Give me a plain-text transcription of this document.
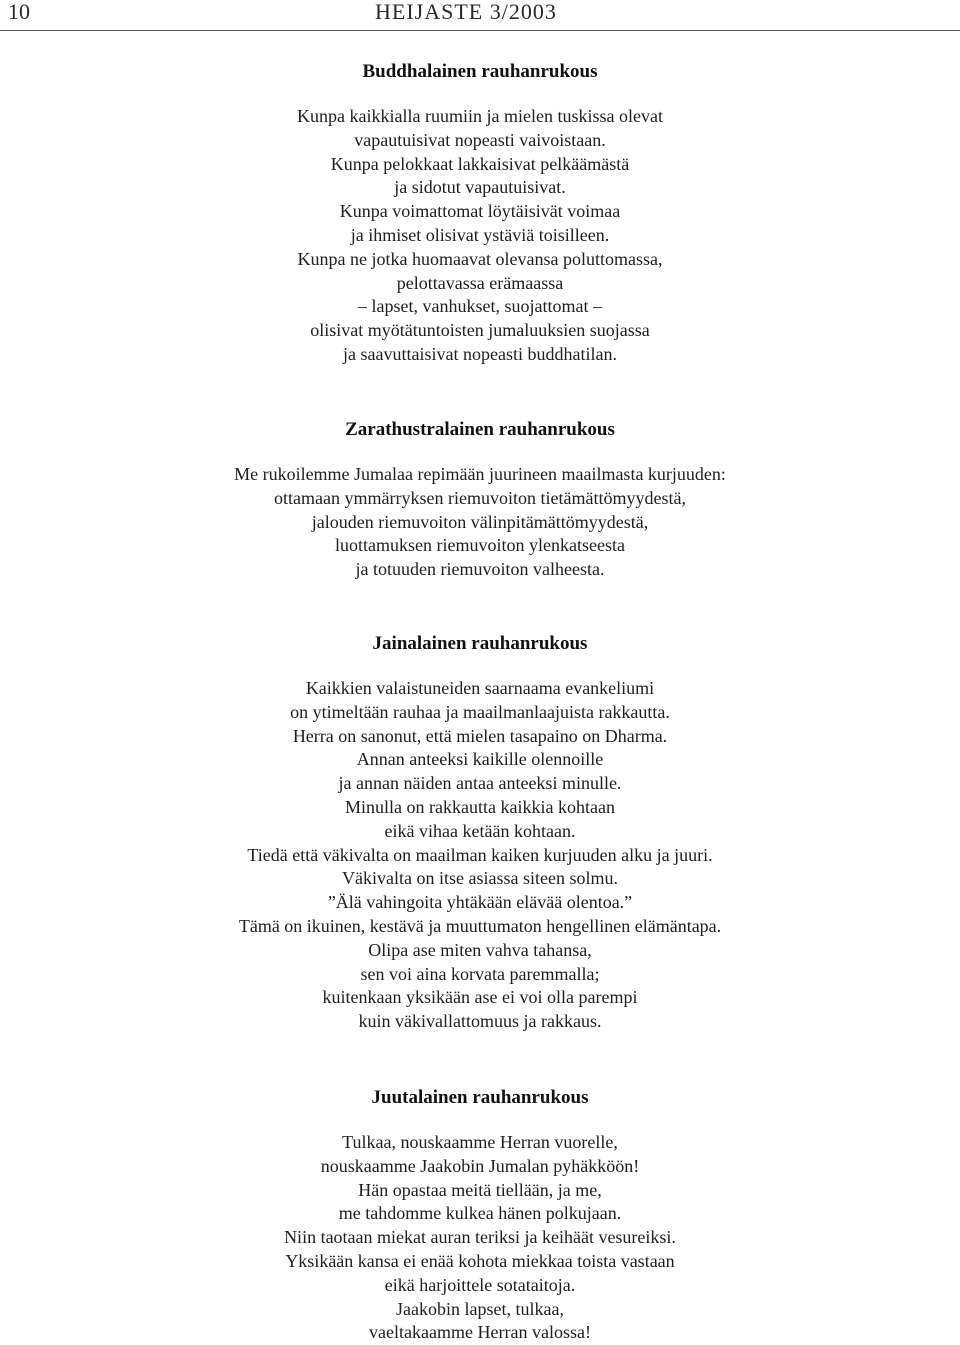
10	HEIJASTE 3/2003
Buddhalainen rauhanrukous
Kunpa kaikkialla ruumiin ja mielen tuskissa olevat
vapautuisivat nopeasti vaivoistaan.
Kunpa pelokkaat lakkaisivat pelkäämästä
ja sidotut vapautuisivat.
Kunpa voimattomat löytäisivät voimaa
ja ihmiset olisivat ystäviä toisilleen.
Kunpa ne jotka huomaavat olevansa poluttomassa,
pelottavassa erämaassa
– lapset, vanhukset, suojattomat –
olisivat myötätuntoisten jumaluuksien suojassa
ja saavuttaisivat nopeasti buddhatilan.
Zarathustralainen rauhanrukous
Me rukoilemme Jumalaa repimään juurineen maailmasta kurjuuden:
ottamaan ymmärryksen riemuvoiton tietämättömyydestä,
jalouden riemuvoiton välinpitämättömyydestä,
luottamuksen riemuvoiton ylenkatseesta
ja totuuden riemuvoiton valheesta.
Jainalainen rauhanrukous
Kaikkien valaistuneiden saarnaama evankeliumi
on ytimeltään rauhaa ja maailmanlaajuista rakkautta.
Herra on sanonut, että mielen tasapaino on Dharma.
Annan anteeksi kaikille olennoille
ja annan näiden antaa anteeksi minulle.
Minulla on rakkautta kaikkia kohtaan
eikä vihaa ketään kohtaan.
Tiedä että väkivalta on maailman kaiken kurjuuden alku ja juuri.
Väkivalta on itse asiassa siteen solmu.
”Älä vahingoita yhtäkään elävää olentoa.”
Tämä on ikuinen, kestävä ja muuttumaton hengellinen elämäntapa.
Olipa ase miten vahva tahansa,
sen voi aina korvata paremmalla;
kuitenkaan yksikään ase ei voi olla parempi
kuin väkivallattomuus ja rakkaus.
Juutalainen rauhanrukous
Tulkaa, nouskaamme Herran vuorelle,
nouskaamme Jaakobin Jumalan pyhäkköön!
Hän opastaa meitä tiellään, ja me,
me tahdomme kulkea hänen polkujaan.
Niin taotaan miekat auran teriksi ja keihäät vesureiksi.
Yksikään kansa ei enää kohota miekkaa toista vastaan
eikä harjoittele sotataitoja.
Jaakobin lapset, tulkaa,
vaeltakaamme Herran valossa!
